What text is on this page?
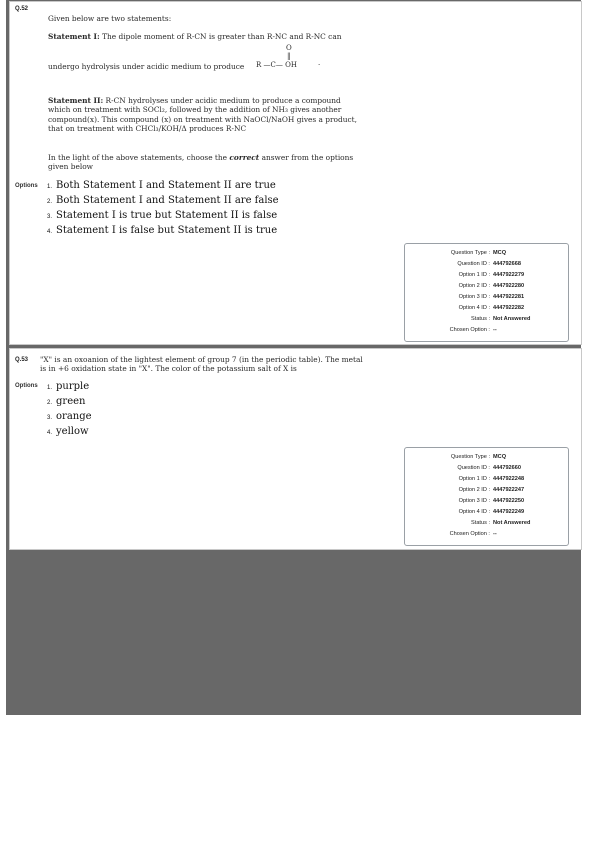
Q.52
Given below are two statements:
Statement I: The dipole moment of R-CN is greater than R-NC and R-NC can
O
‖
undergo hydrolysis under acidic medium to produce R —C— OH	·
Statement II: R-CN hydrolyses under acidic medium to produce a compound which on treatment with SOCl₂, followed by the addition of NH₃ gives another compound(x). This compound (x) on treatment with NaOCl/NaOH gives a product, that on treatment with CHCl₃/KOH/Δ produces R-NC
In the light of the above statements, choose the correct answer from the options given below
Options 1. Both Statement I and Statement II are true
2. Both Statement I and Statement II are false
3. Statement I is true but Statement II is false
4. Statement I is false but Statement II is true
Question Type : MCQ
Question ID : 444792668
Option 1 ID : 4447922279
Option 2 ID : 4447922280
Option 3 ID : 4447922281
Option 4 ID : 4447922282
Status : Not Answered
Chosen Option : --
Q.53 "X" is an oxoanion of the lightest element of group 7 (in the periodic table). The metal is in +6 oxidation state in "X". The color of the potassium salt of X is
Options 1. purple
2. green
3. orange
4. yellow
Question Type : MCQ
Question ID : 444792660
Option 1 ID : 4447922248
Option 2 ID : 4447922247
Option 3 ID : 4447922250
Option 4 ID : 4447922249
Status : Not Answered
Chosen Option : --
